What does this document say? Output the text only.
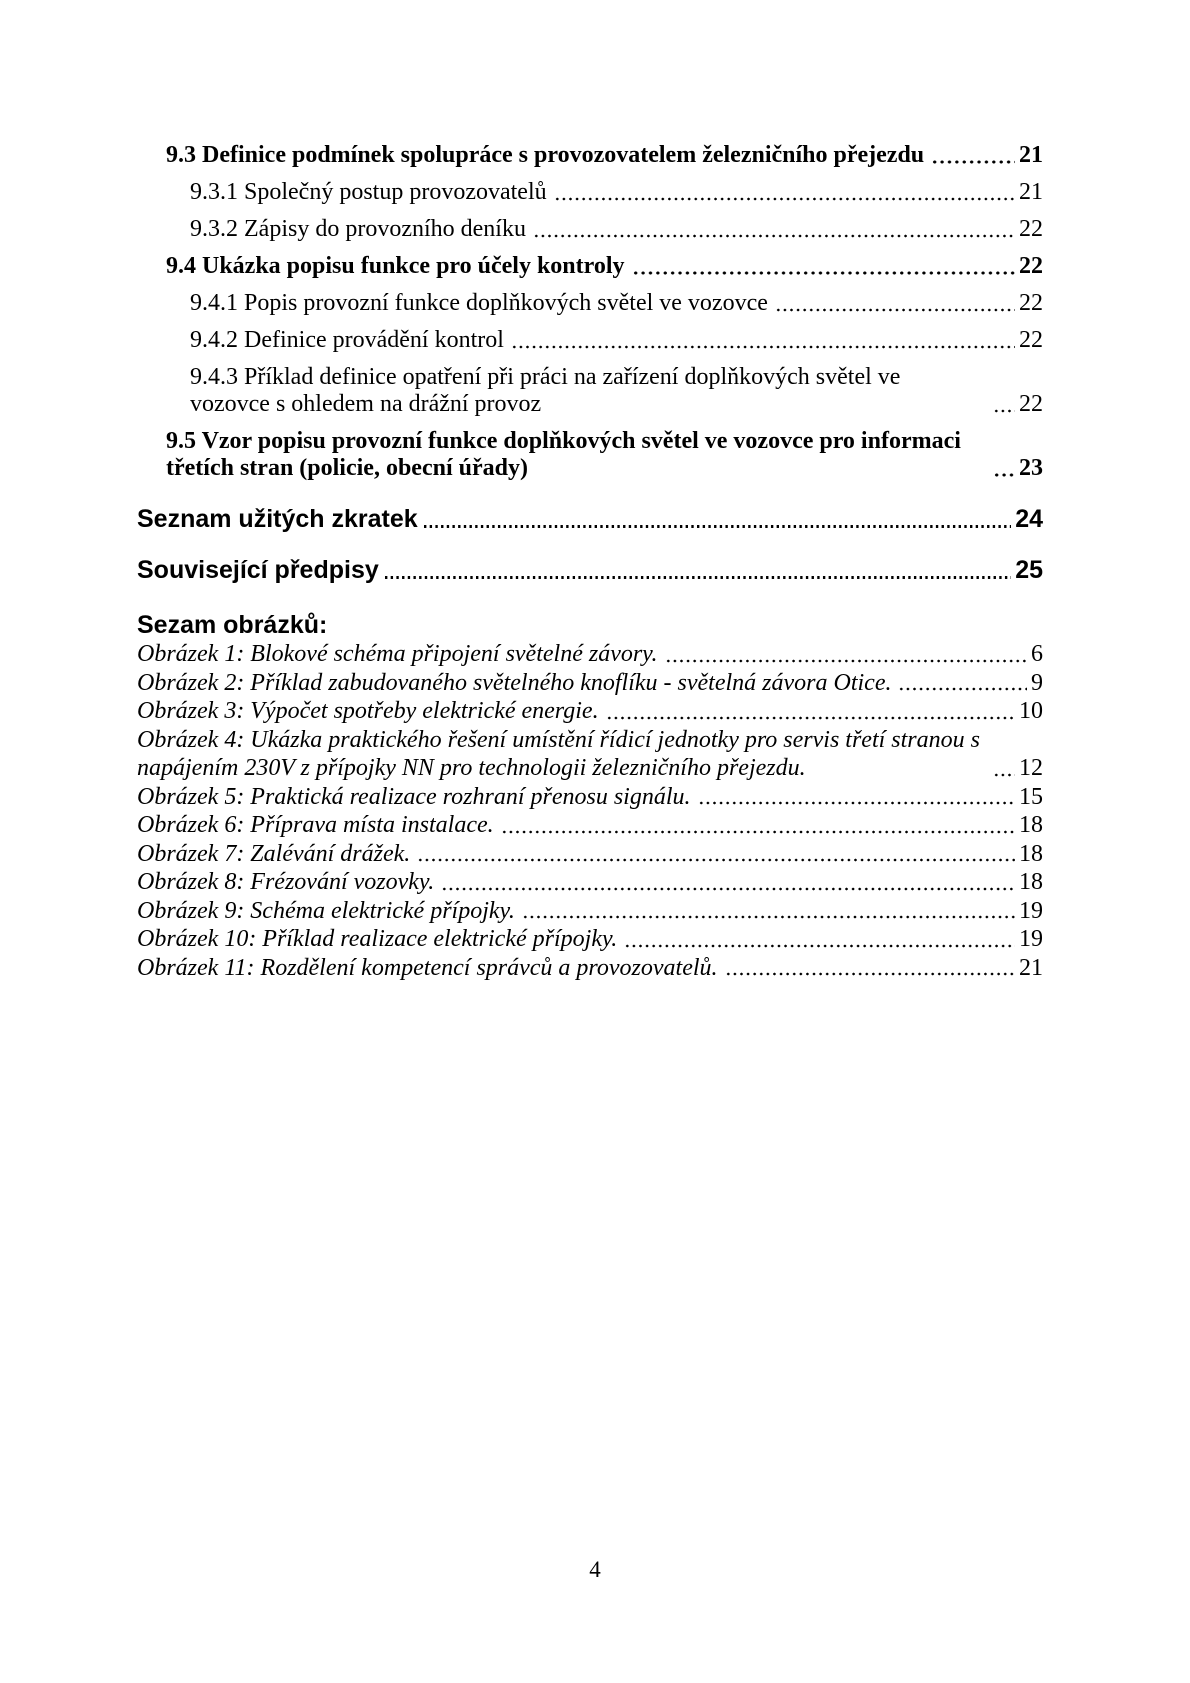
9.3 Definice podmínek spolupráce s provozovatelem železničního přejezdu	21
9.3.1 Společný postup provozovatelů	21
9.3.2 Zápisy do provozního deníku	22
9.4 Ukázka popisu funkce pro účely kontroly	22
9.4.1 Popis provozní funkce doplňkových světel ve vozovce	22
9.4.2 Definice provádění kontrol	22
9.4.3 Příklad definice opatření při práci na zařízení doplňkových světel ve vozovce s ohledem na drážní provoz	22
9.5 Vzor popisu provozní funkce doplňkových světel ve vozovce pro informaci třetích stran (policie, obecní úřady)	23
Seznam užitých zkratek	24
Související předpisy	25
Sezam obrázků:
Obrázek 1: Blokové schéma připojení světelné závory.	6
Obrázek 2: Příklad zabudovaného světelného knoflíku - světelná závora Otice.	9
Obrázek 3: Výpočet spotřeby elektrické energie.	10
Obrázek 4: Ukázka praktického řešení umístění řídicí jednotky pro servis třetí stranou s napájením 230V z přípojky NN pro technologii železničního přejezdu.	12
Obrázek 5: Praktická realizace rozhraní přenosu signálu.	15
Obrázek 6: Příprava místa instalace.	18
Obrázek 7: Zalévání drážek.	18
Obrázek 8: Frézování vozovky.	18
Obrázek 9: Schéma elektrické přípojky.	19
Obrázek 10: Příklad realizace elektrické přípojky.	19
Obrázek 11: Rozdělení kompetencí správců a provozovatelů.	21
4
